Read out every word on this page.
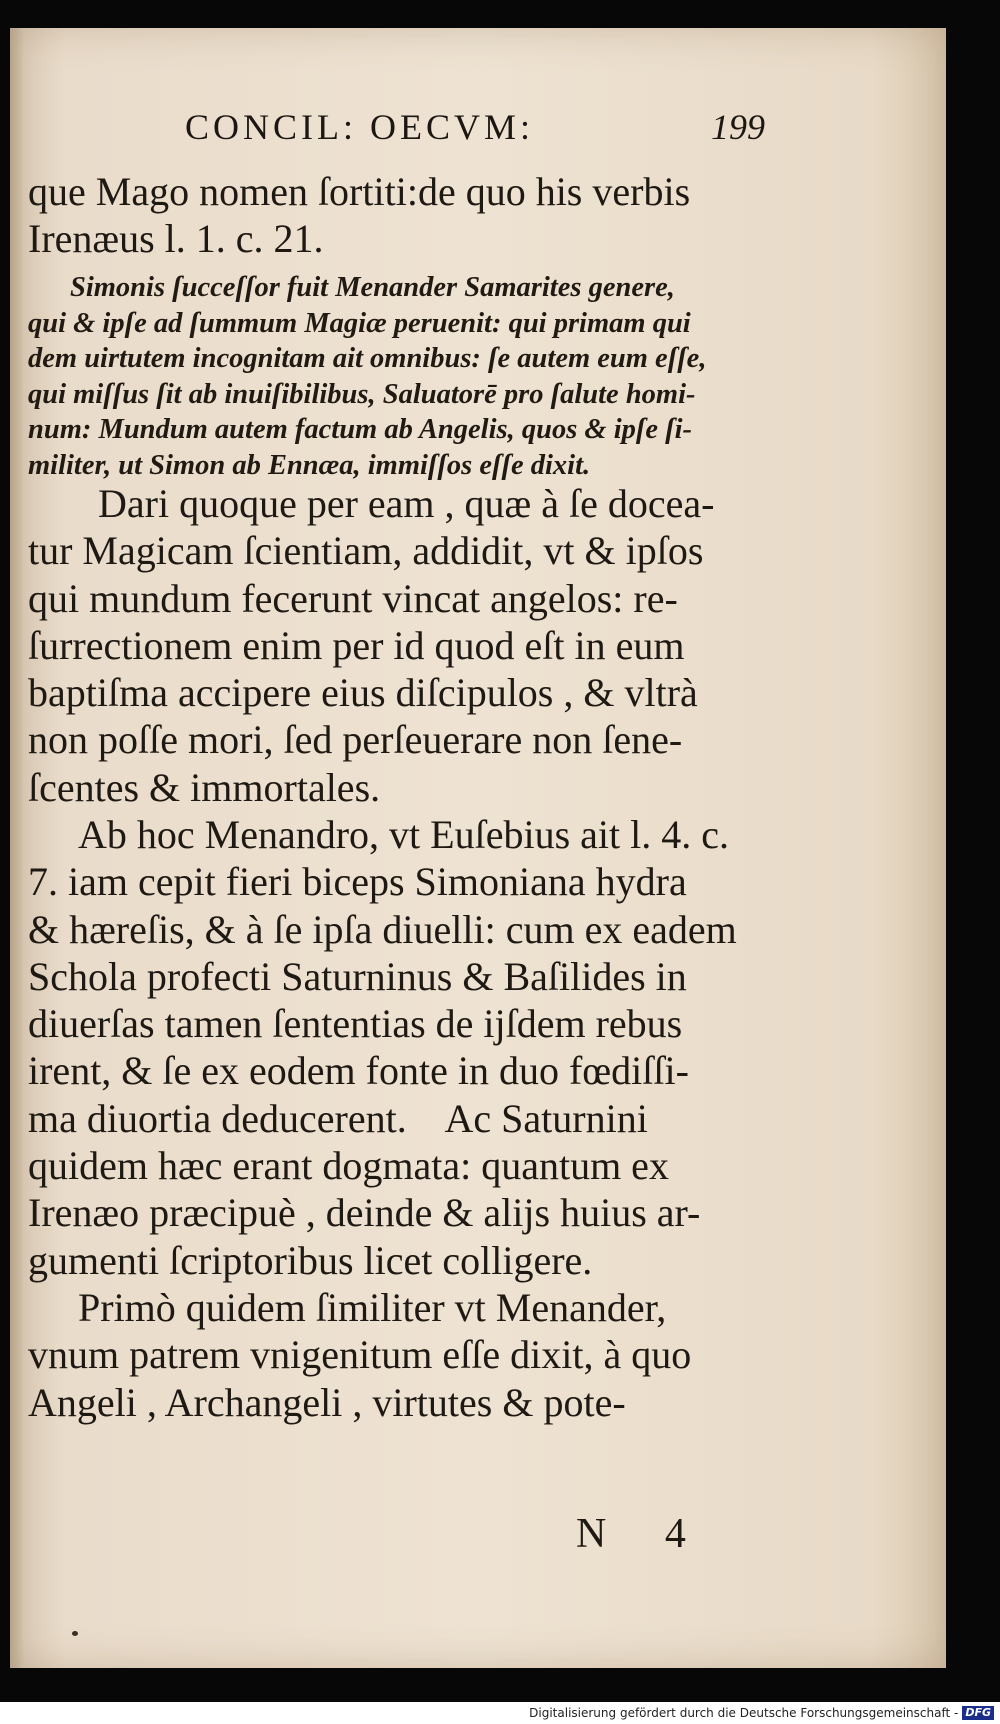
CONCIL: OECVM:	199
que Mago nomen ſortiti:de quo his verbis
Irenæus l. 1. c. 21.
Simonis ſucceſſor fuit Menander Samarites genere,
qui & ipſe ad ſummum Magiæ peruenit: qui primam qui
dem uirtutem incognitam ait omnibus: ſe autem eum eſſe,
qui miſſus ſit ab inuiſibilibus, Saluatorē pro ſalute homi-
num: Mundum autem factum ab Angelis, quos & ipſe ſi-
militer, ut Simon ab Ennæa, immiſſos eſſe dixit.
Dari quoque per eam , quæ à ſe docea-
tur Magicam ſcientiam, addidit, vt & ipſos
qui mundum fecerunt vincat angelos: re-
ſurrectionem enim per id quod eſt in eum
baptiſma accipere eius diſcipulos , & vltrà
non poſſe mori, ſed perſeuerare non ſene-
ſcentes & immortales.
Ab hoc Menandro, vt Euſebius ait l. 4. c.
7. iam cepit fieri biceps Simoniana hydra
& hæreſis, & à ſe ipſa diuelli: cum ex eadem
Schola profecti Saturninus & Baſilides in
diuerſas tamen ſententias de ijſdem rebus
irent, & ſe ex eodem fonte in duo fœdiſſi-
ma diuortia deducerent.    Ac Saturnini
quidem hæc erant dogmata: quantum ex
Irenæo præcipuè , deinde & alijs huius ar-
gumenti ſcriptoribus licet colligere.
Primò quidem ſimiliter vt Menander,
vnum patrem vnigenitum eſſe dixit, à quo
Angeli , Archangeli , virtutes & pote-
N 4
Digitalisierung gefördert durch die Deutsche Forschungsgemeinschaft - DFG
